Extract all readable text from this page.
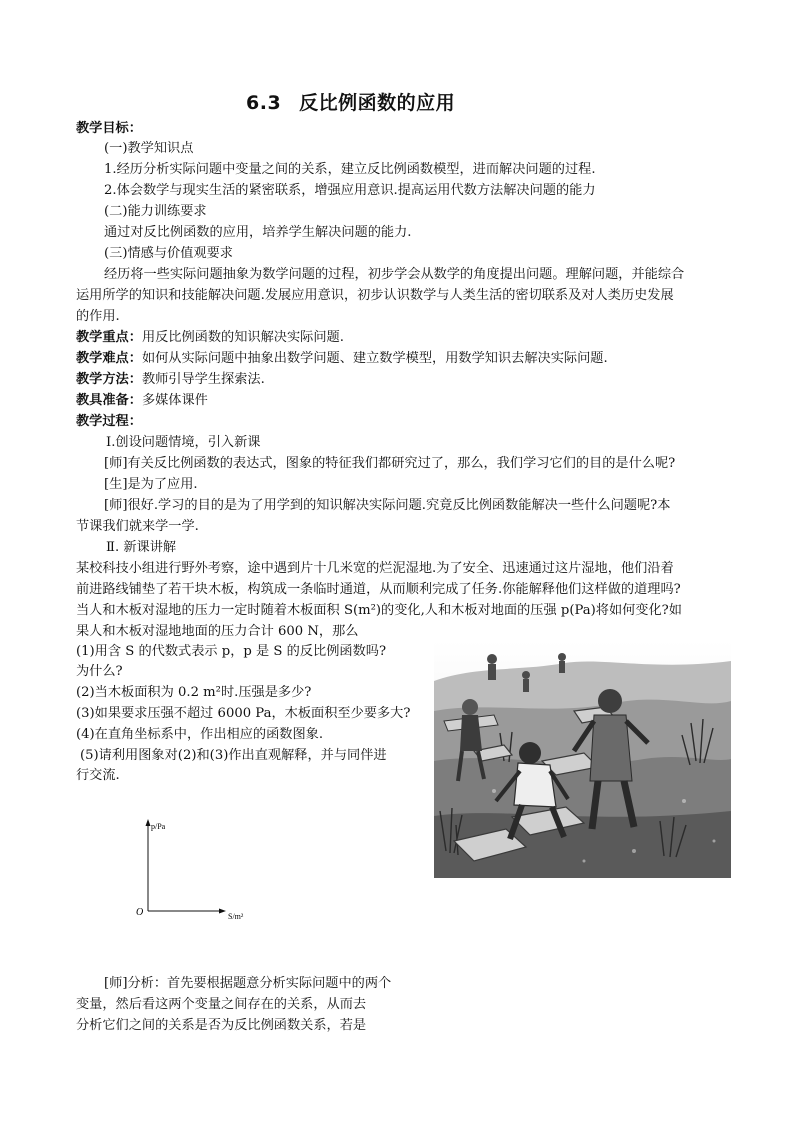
6.3 反比例函数的应用
教学目标：
(一)教学知识点
1.经历分析实际问题中变量之间的关系，建立反比例函数模型，进而解决问题的过程.
2.体会数学与现实生活的紧密联系，增强应用意识.提高运用代数方法解决问题的能力
(二)能力训练要求
通过对反比例函数的应用，培养学生解决问题的能力.
(三)情感与价值观要求
经历将一些实际问题抽象为数学问题的过程，初步学会从数学的角度提出问题。理解问题，并能综合
运用所学的知识和技能解决问题.发展应用意识，初步认识数学与人类生活的密切联系及对人类历史发展
的作用.
教学重点：用反比例函数的知识解决实际问题.
教学难点：如何从实际问题中抽象出数学问题、建立数学模型，用数学知识去解决实际问题.
教学方法：教师引导学生探索法.
教具准备：多媒体课件
教学过程：
Ⅰ.创设问题情境，引入新课
[师]有关反比例函数的表达式，图象的特征我们都研究过了，那么，我们学习它们的目的是什么呢?
[生]是为了应用.
[师]很好.学习的目的是为了用学到的知识解决实际问题.究竟反比例函数能解决一些什么问题呢?本
节课我们就来学一学.
Ⅱ. 新课讲解
某校科技小组进行野外考察，途中遇到片十几米宽的烂泥湿地.为了安全、迅速通过这片湿地，他们沿着
前进路线铺垫了若干块木板，构筑成一条临时通道，从而顺利完成了任务.你能解释他们这样做的道理吗?
当人和木板对湿地的压力一定时随着木板面积 S(m²)的变化,人和木板对地面的压强 p(Pa)将如何变化?如
果人和木板对湿地地面的压力合计 600 N，那么
(1)用含 S 的代数式表示 p，p 是 S 的反比例函数吗?
为什么?
(2)当木板面积为 0.2 m²时.压强是多少?
(3)如果要求压强不超过 6000 Pa，木板面积至少要多大?
(4)在直角坐标系中，作出相应的函数图象.
(5)请利用图象对(2)和(3)作出直观解释，并与同伴进
行交流.
p/Pa
S/m²
O
[师]分析：首先要根据题意分析实际问题中的两个
变量，然后看这两个变量之间存在的关系，从而去
分析它们之间的关系是否为反比例函数关系，若是
